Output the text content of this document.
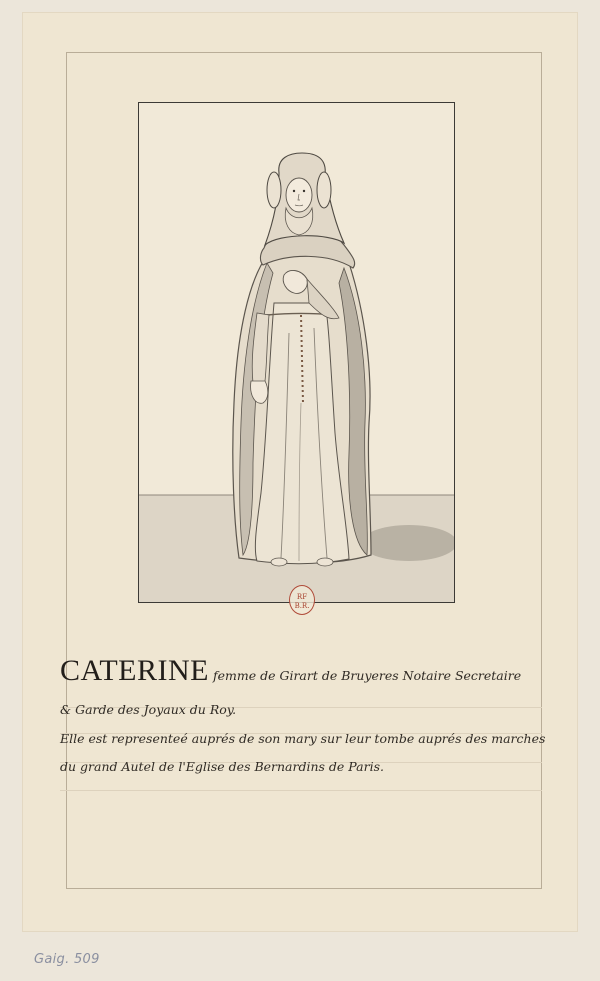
RF
B.R.
CATERINE femme de Girart de Bruyeres Notaire Secretaire
& Garde des Joyaux du Roy.
Elle est representeé auprés de son mary sur leur tombe auprés des marches
du grand Autel de l'Eglise des Bernardins de Paris.
Gaig. 509
